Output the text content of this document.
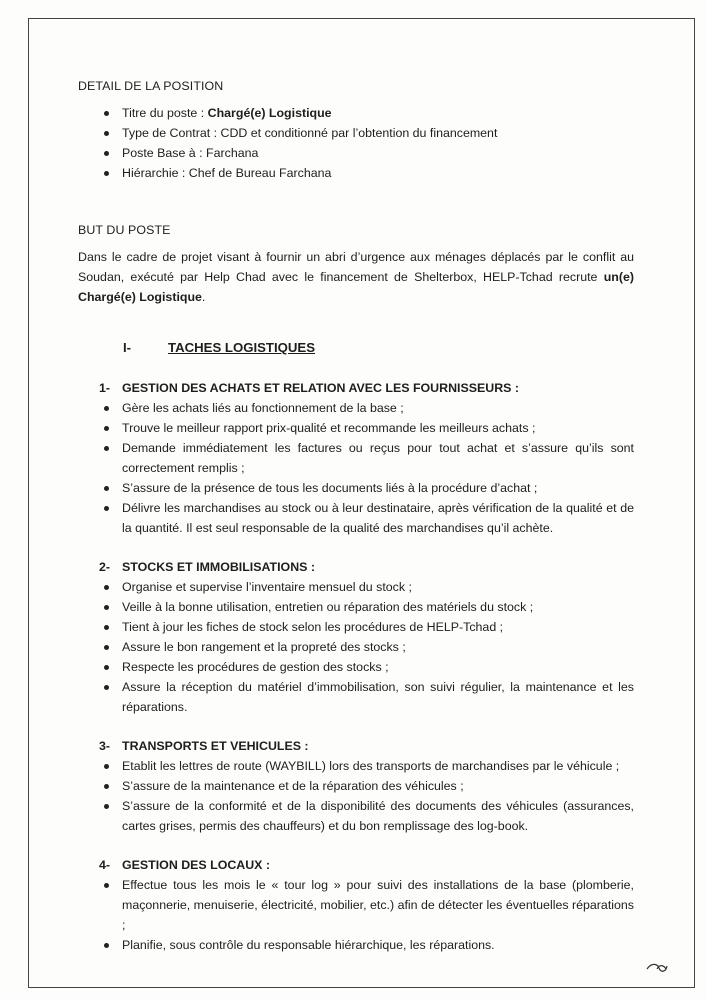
DETAIL DE LA POSITION
Titre du poste : Chargé(e) Logistique
Type de Contrat : CDD et conditionné par l’obtention du financement
Poste Base à : Farchana
Hiérarchie : Chef de Bureau Farchana
BUT DU POSTE

Dans le cadre de projet visant à fournir un abri d’urgence aux ménages déplacés par le conflit au Soudan, exécuté par Help Chad avec le financement de Shelterbox, HELP-Tchad recrute un(e) Chargé(e) Logistique.

I-	TACHES LOGISTIQUES
1- GESTION DES ACHATS ET RELATION AVEC LES FOURNISSEURS :
Gère les achats liés au fonctionnement de la base ;
Trouve le meilleur rapport prix-qualité et recommande les meilleurs achats ;
Demande immédiatement les factures ou reçus pour tout achat et s’assure qu’ils sont correctement remplis ;
S’assure de la présence de tous les documents liés à la procédure d’achat ;
Délivre les marchandises au stock ou à leur destinataire, après vérification de la qualité et de la quantité. Il est seul responsable de la qualité des marchandises qu’il achète.
2- STOCKS ET IMMOBILISATIONS :
Organise et supervise l’inventaire mensuel du stock ;
Veille à la bonne utilisation, entretien ou réparation des matériels du stock ;
Tient à jour les fiches de stock selon les procédures de HELP-Tchad ;
Assure le bon rangement et la propreté des stocks ;
Respecte les procédures de gestion des stocks ;
Assure la réception du matériel d’immobilisation, son suivi régulier, la maintenance et les réparations.
3- TRANSPORTS ET VEHICULES :
Etablit les lettres de route (WAYBILL) lors des transports de marchandises par le véhicule ;
S’assure de la maintenance et de la réparation des véhicules ;
S’assure de la conformité et de la disponibilité des documents des véhicules (assurances, cartes grises, permis des chauffeurs) et du bon remplissage des log-book.
4- GESTION DES LOCAUX :
Effectue tous les mois le « tour log » pour suivi des installations de la base (plomberie, maçonnerie, menuiserie, électricité, mobilier, etc.) afin de détecter les éventuelles réparations ;
Planifie, sous contrôle du responsable hiérarchique, les réparations.
